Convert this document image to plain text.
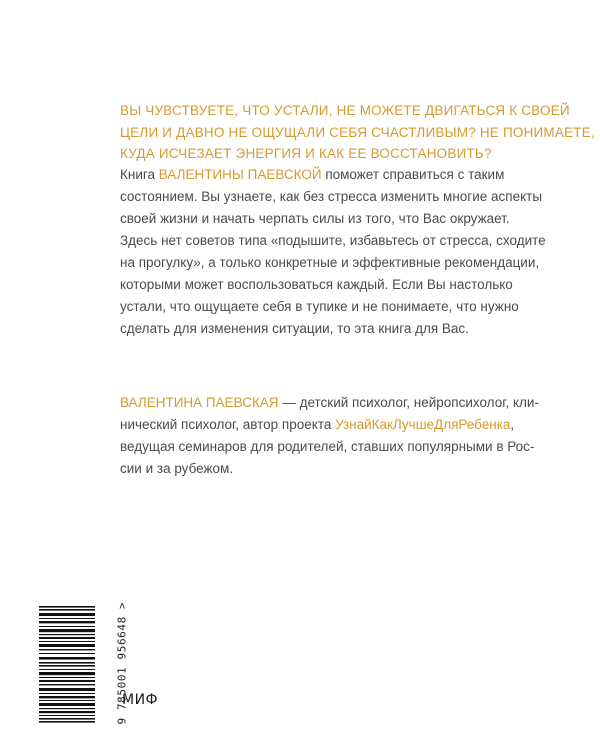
ВЫ ЧУВСТВУЕТЕ, ЧТО УСТАЛИ, НЕ МОЖЕТЕ ДВИГАТЬСЯ К СВОЕЙ
ЦЕЛИ И ДАВНО НЕ ОЩУЩАЛИ СЕБЯ СЧАСТЛИВЫМ? НЕ ПОНИМАЕТЕ,
КУДА ИСЧЕЗАЕТ ЭНЕРГИЯ И КАК ЕЕ ВОССТАНОВИТЬ?

Книга ВАЛЕНТИНЫ ПАЕВСКОЙ поможет справиться с таким
состоянием. Вы узнаете, как без стресса изменить многие аспекты
своей жизни и начать черпать силы из того, что Вас окружает.

Здесь нет советов типа «подышите, избавьтесь от стресса, сходите
на прогулку», а только конкретные и эффективные рекомендации,
которыми может воспользоваться каждый. Если Вы настолько
устали, что ощущаете себя в тупике и не понимаете, что нужно
сделать для изменения ситуации, то эта книга для Вас.

ВАЛЕНТИНА ПАЕВСКАЯ — детский психолог, нейропсихолог, кли-
нический психолог, автор проекта УзнайКакЛучшеДляРебенка,
ведущая семинаров для родителей, ставших популярными в Рос-
сии и за рубежом.

9 785001 956648 >
МИФ
